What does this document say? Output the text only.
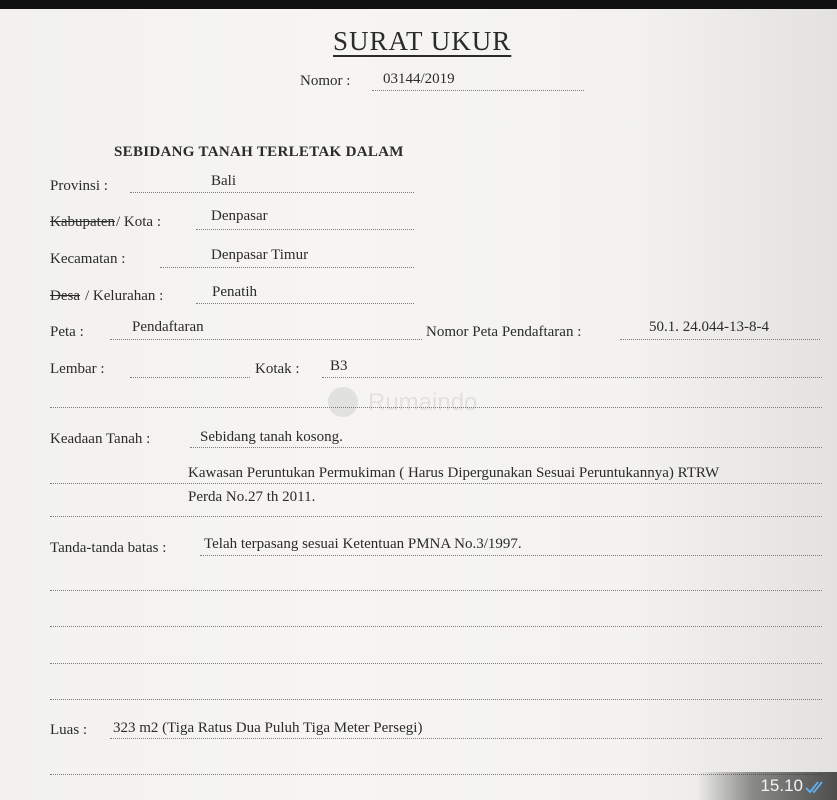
SURAT UKUR
Nomor : 03144/2019
Rumaindo
SEBIDANG TANAH TERLETAK DALAM
Provinsi :	Bali
Kabupaten / Kota :	Denpasar
Kecamatan :	Denpasar Timur
Desa / Kelurahan :	Penatih
Peta :	Pendaftaran	Nomor Peta Pendaftaran :	50.1. 24.044-13-8-4
Lembar :	Kotak : B3
Keadaan Tanah :	Sebidang tanah kosong.
Kawasan Peruntukan Permukiman ( Harus Dipergunakan Sesuai Peruntukannya) RTRW
Perda No.27 th 2011.
Tanda-tanda batas :	Telah terpasang sesuai Ketentuan PMNA No.3/1997.
Luas : 323 m2 (Tiga Ratus Dua Puluh Tiga Meter Persegi)
15.10
